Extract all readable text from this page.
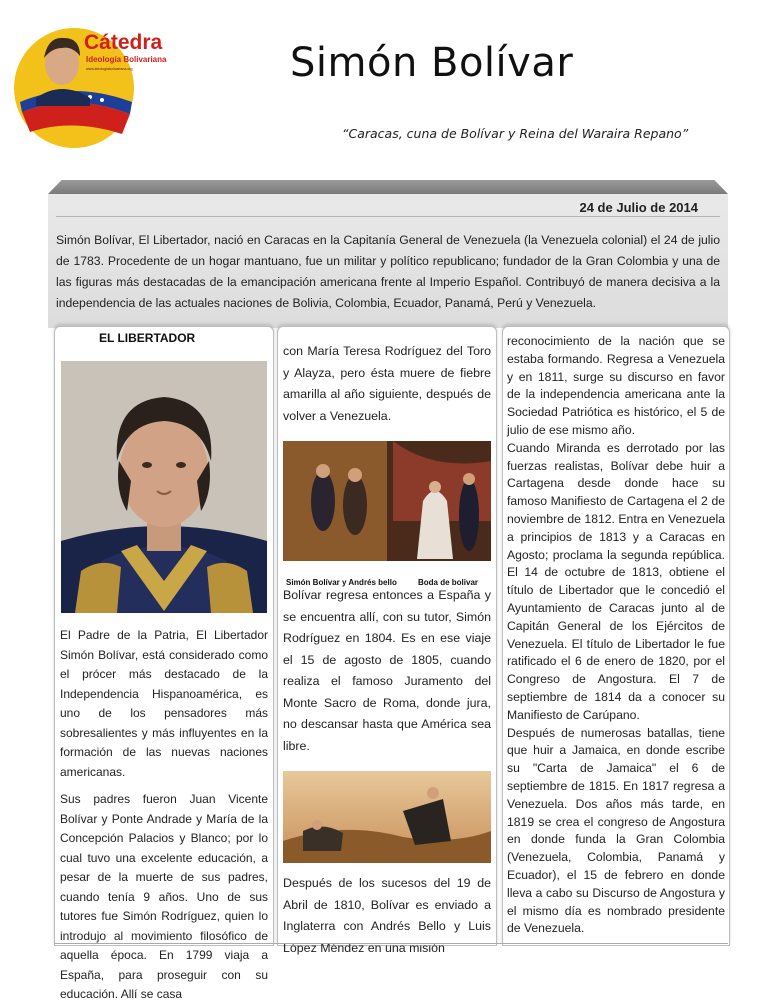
Cátedra
Ideología Bolivariana
www.ideologiabolivariana.org	Simón Bolívar
“Caracas, cuna de Bolívar y Reina del Waraira Repano”
24 de Julio de 2014

Simón Bolívar, El Libertador, nació en Caracas en la Capitanía General de Venezuela (la Venezuela colonial) el 24 de julio de 1783. Procedente de un hogar mantuano, fue un militar y político republicano; fundador de la Gran Colombia y una de las figuras más destacadas de la emancipación americana frente al Imperio Español. Contribuyó de manera decisiva a la independencia de las actuales naciones de Bolivia, Colombia, Ecuador, Panamá, Perú y Venezuela.

EL LIBERTADOR

El Padre de la Patria, El Libertador Simón Bolívar, está considerado como el prócer más destacado de la Independencia Hispanoamérica, es uno de los pensadores más sobresalientes y más influyentes en la formación de las nuevas naciones americanas.

Sus padres fueron Juan Vicente Bolívar y Ponte Andrade y María de la Concepción Palacios y Blanco; por lo cual tuvo una excelente educación, a pesar de la muerte de sus padres, cuando tenía 9 años. Uno de sus tutores fue Simón Rodríguez, quien lo introdujo al movimiento filosófico de aquella época. En 1799 viaja a España, para proseguir con su educación. Allí se casa

con María Teresa Rodríguez del Toro y Alayza, pero ésta muere de fiebre amarilla al año siguiente, después de volver a Venezuela.

Simón Bolívar y Andrés bello	Boda de bolivar

Bolívar regresa entonces a España y se encuentra allí, con su tutor, Simón Rodríguez en 1804. Es en ese viaje el 15 de agosto de 1805, cuando realiza el famoso Juramento del Monte Sacro de Roma, donde jura, no descansar hasta que América sea libre.

Después de los sucesos del 19 de Abril de 1810, Bolívar es enviado a Inglaterra con Andrés Bello y Luis López Méndez en una misión

reconocimiento de la nación que se estaba formando. Regresa a Venezuela y en 1811, surge su discurso en favor de la independencia americana ante la Sociedad Patriótica es histórico, el 5 de julio de ese mismo año.

Cuando Miranda es derrotado por las fuerzas realistas, Bolívar debe huir a Cartagena desde donde hace su famoso Manifiesto de Cartagena el 2 de noviembre de 1812. Entra en Venezuela a principios de 1813 y a Caracas en Agosto; proclama la segunda república. El 14 de octubre de 1813, obtiene el título de Libertador que le concedió el Ayuntamiento de Caracas junto al de Capitán General de los Ejércitos de Venezuela. El título de Libertador le fue ratificado el 6 de enero de 1820, por el Congreso de Angostura. El 7 de septiembre de 1814 da a conocer su Manifiesto de Carúpano.

Después de numerosas batallas, tiene que huir a Jamaica, en donde escribe su "Carta de Jamaica" el 6 de septiembre de 1815. En 1817 regresa a Venezuela. Dos años más tarde, en 1819 se crea el congreso de Angostura en donde funda la Gran Colombia (Venezuela, Colombia, Panamá y Ecuador), el 15 de febrero en donde lleva a cabo su Discurso de Angostura y el mismo día es nombrado presidente de Venezuela.
